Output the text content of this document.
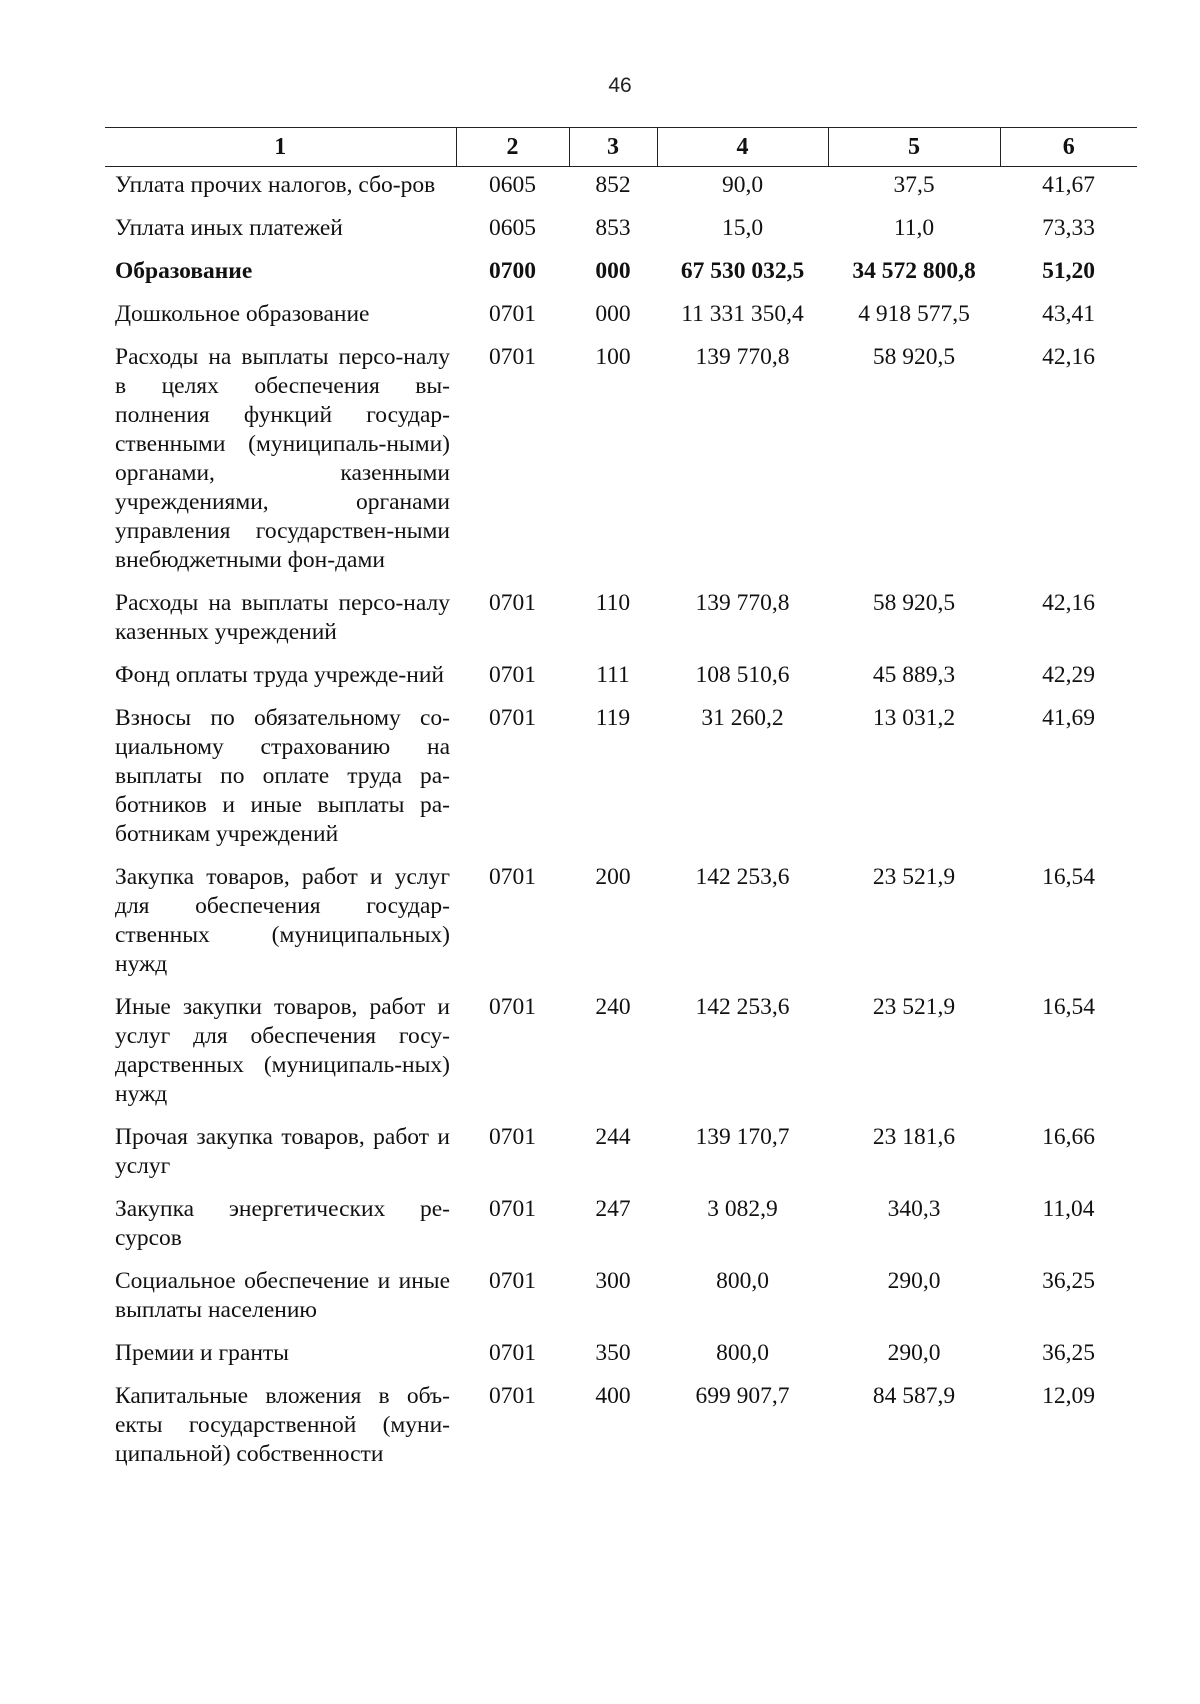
46
1	2	3	4	5	6
Уплата прочих налогов, сбо-ров	0605	852	90,0	37,5	41,67
Уплата иных платежей	0605	853	15,0	11,0	73,33
Образование	0700	000	67 530 032,5	34 572 800,8	51,20
Дошкольное образование	0701	000	11 331 350,4	4 918 577,5	43,41
Расходы на выплаты персо-налу в целях обеспечения вы-полнения функций государ-ственными (муниципаль-ными) органами, казенными учреждениями, органами управления государствен-ными внебюджетными фон-дами	0701	100	139 770,8	58 920,5	42,16
Расходы на выплаты персо-налу казенных учреждений	0701	110	139 770,8	58 920,5	42,16
Фонд оплаты труда учрежде-ний	0701	111	108 510,6	45 889,3	42,29
Взносы по обязательному со-циальному страхованию на выплаты по оплате труда ра-ботников и иные выплаты ра-ботникам учреждений	0701	119	31 260,2	13 031,2	41,69
Закупка товаров, работ и услуг для обеспечения государ-ственных (муниципальных) нужд	0701	200	142 253,6	23 521,9	16,54
Иные закупки товаров, работ и услуг для обеспечения госу-дарственных (муниципаль-ных) нужд	0701	240	142 253,6	23 521,9	16,54
Прочая закупка товаров, работ и услуг	0701	244	139 170,7	23 181,6	16,66
Закупка энергетических ре-сурсов	0701	247	3 082,9	340,3	11,04
Социальное обеспечение и иные выплаты населению	0701	300	800,0	290,0	36,25
Премии и гранты	0701	350	800,0	290,0	36,25
Капитальные вложения в объ-екты государственной (муни-ципальной) собственности	0701	400	699 907,7	84 587,9	12,09
